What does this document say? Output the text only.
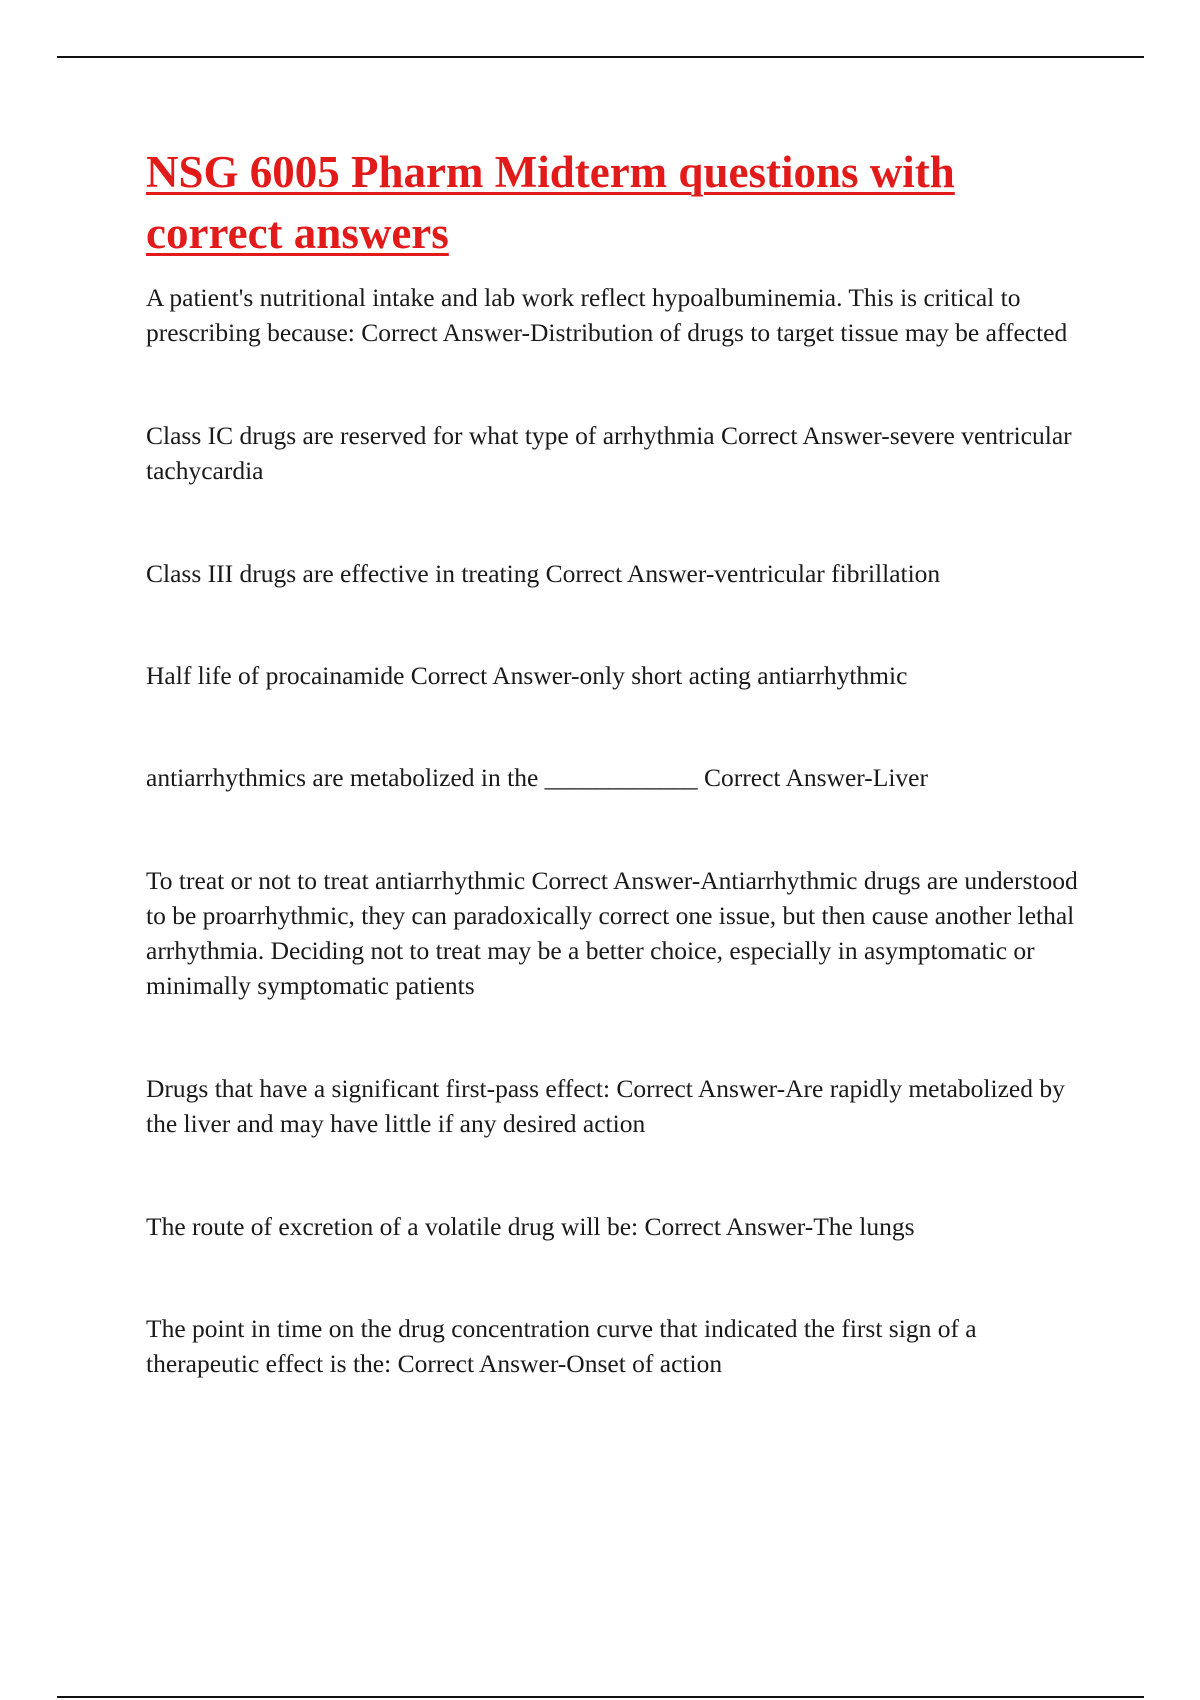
NSG 6005 Pharm Midterm questions with correct answers
A patient's nutritional intake and lab work reflect hypoalbuminemia. This is critical to prescribing because: Correct Answer-Distribution of drugs to target tissue may be affected
Class IC drugs are reserved for what type of arrhythmia Correct Answer-severe ventricular tachycardia
Class III drugs are effective in treating Correct Answer-ventricular fibrillation
Half life of procainamide Correct Answer-only short acting antiarrhythmic
antiarrhythmics are metabolized in the ____________ Correct Answer-Liver
To treat or not to treat antiarrhythmic Correct Answer-Antiarrhythmic drugs are understood to be proarrhythmic, they can paradoxically correct one issue, but then cause another lethal arrhythmia. Deciding not to treat may be a better choice, especially in asymptomatic or minimally symptomatic patients
Drugs that have a significant first-pass effect: Correct Answer-Are rapidly metabolized by the liver and may have little if any desired action
The route of excretion of a volatile drug will be: Correct Answer-The lungs
The point in time on the drug concentration curve that indicated the first sign of a therapeutic effect is the: Correct Answer-Onset of action
